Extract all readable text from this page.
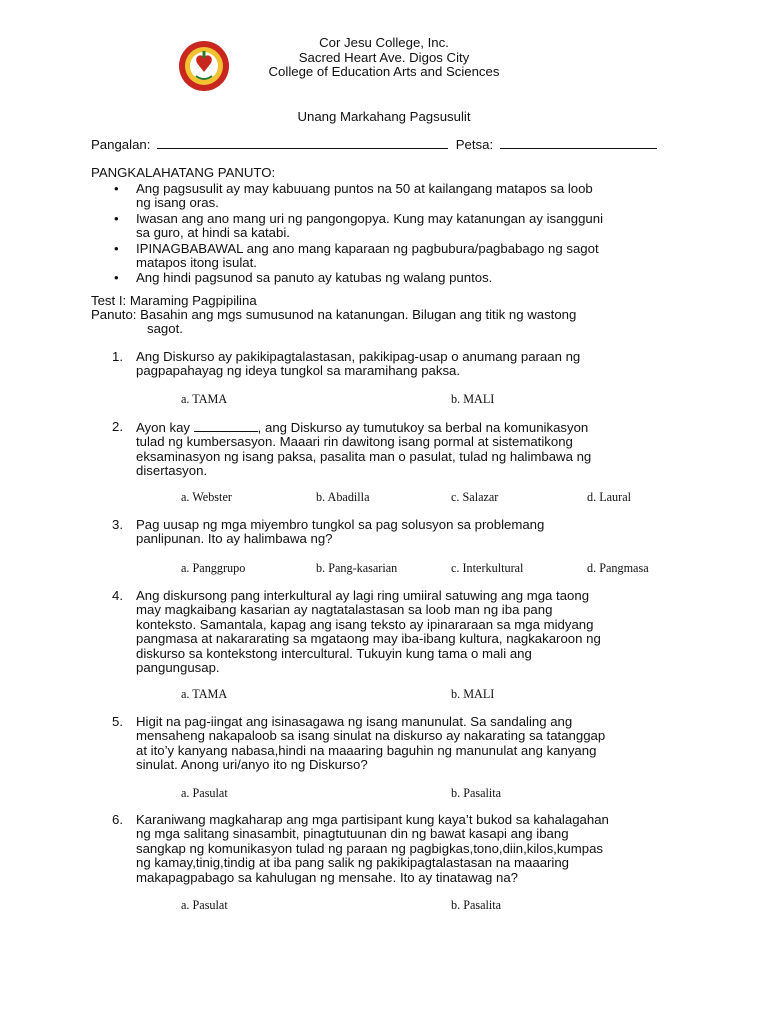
Cor Jesu College, Inc.
Sacred Heart Ave. Digos City
College of Education Arts and Sciences
Unang Markahang Pagsusulit
Pangalan:	Petsa:
PANGKALAHATANG PANUTO:
• Ang pagsusulit ay may kabuuang puntos na 50 at kailangang matapos sa loob
ng isang oras.
• Iwasan ang ano mang uri ng pangongopya. Kung may katanungan ay isangguni
sa guro, at hindi sa katabi.
• IPINAGBABAWAL ang ano mang kaparaan ng pagbubura/pagbabago ng sagot
matapos itong isulat.
• Ang hindi pagsunod sa panuto ay katubas ng walang puntos.
Test I: Maraming Pagpipilina
Panuto: Basahin ang mgs sumusunod na katanungan. Bilugan ang titik ng wastong
sagot.
1. Ang Diskurso ay pakikipagtalastasan, pakikipag-usap o anumang paraan ng
pagpapahayag ng ideya tungkol sa maramihang paksa.
a. TAMA	b. MALI
2. Ayon kay	, ang Diskurso ay tumutukoy sa berbal na komunikasyon
tulad ng kumbersasyon. Maaari rin dawitong isang pormal at sistematikong
eksaminasyon ng isang paksa, pasalita man o pasulat, tulad ng halimbawa ng
disertasyon.
a. Webster	b. Abadilla	c. Salazar	d. Laural
3. Pag uusap ng mga miyembro tungkol sa pag solusyon sa problemang
panlipunan. Ito ay halimbawa ng?
a. Panggrupo	b. Pang-kasarian	c. Interkultural	d. Pangmasa
4. Ang diskursong pang interkultural ay lagi ring umiiral satuwing ang mga taong
may magkaibang kasarian ay nagtatalastasan sa loob man ng iba pang
konteksto. Samantala, kapag ang isang teksto ay ipinararaan sa mga midyang
pangmasa at nakararating sa mgataong may iba-ibang kultura, nagkakaroon ng
diskurso sa kontekstong intercultural. Tukuyin kung tama o mali ang
pangungusap.
a. TAMA	b. MALI
5. Higit na pag-iingat ang isinasagawa ng isang manunulat. Sa sandaling ang
mensaheng nakapaloob sa isang sinulat na diskurso ay nakarating sa tatanggap
at ito’y kanyang nabasa,hindi na maaaring baguhin ng manunulat ang kanyang
sinulat. Anong uri/anyo ito ng Diskurso?
a. Pasulat	b. Pasalita
6. Karaniwang magkaharap ang mga partisipant kung kaya’t bukod sa kahalagahan
ng mga salitang sinasambit, pinagtutuunan din ng bawat kasapi ang ibang
sangkap ng komunikasyon tulad ng paraan ng pagbigkas,tono,diin,kilos,kumpas
ng kamay,tinig,tindig at iba pang salik ng pakikipagtalastasan na maaaring
makapagpabago sa kahulugan ng mensahe. Ito ay tinatawag na?
a. Pasulat	b. Pasalita
